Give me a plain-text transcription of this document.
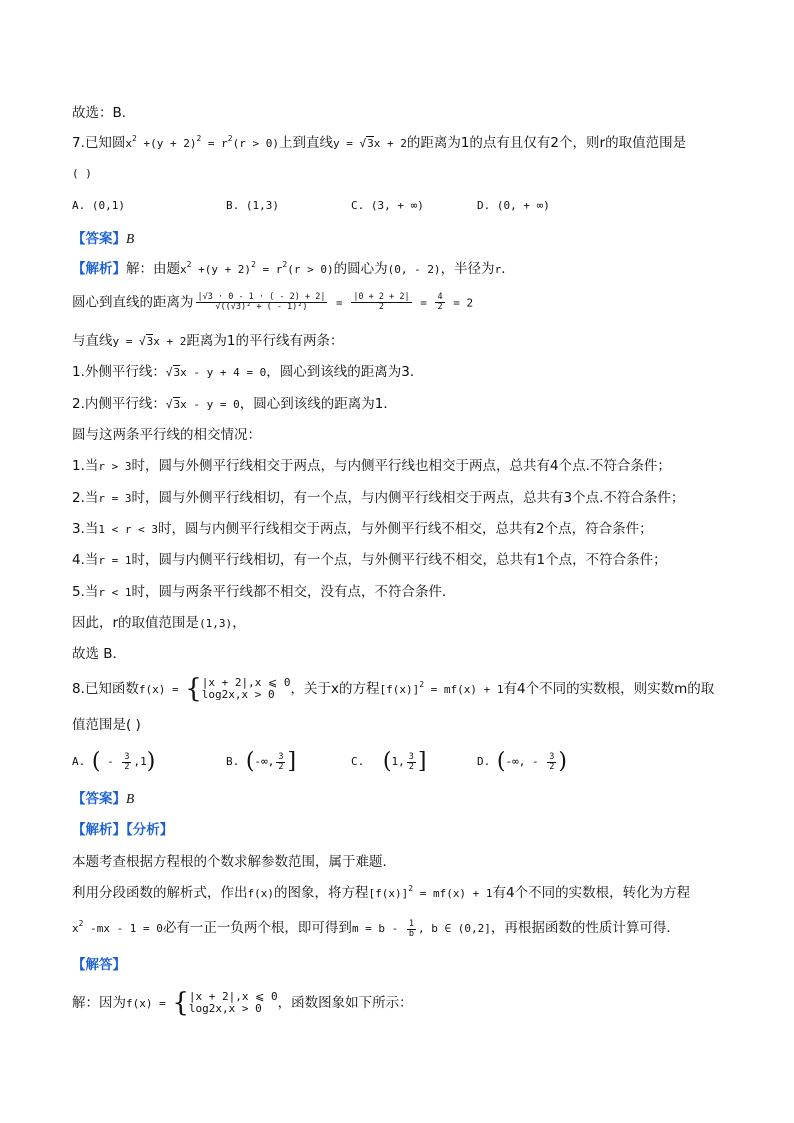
故选：B．
7.已知圆$x^2 +(y + 2)^2 = r^2(r > 0)$上到直线y = √3x + 2的距离为1的点有且仅有2个，则r的取值范围是
( )
A. (0,1)	B. (1,3)	C. (3, + ∞)	D. (0, + ∞)
【答案】B
【解析】解：由题$x^2 +(y + 2)^2 = r^2(r > 0)$的圆心为(0, - 2)，半径为r．
圆心到直线的距离为 $\frac{|√3 \cdot 0 - 1 \cdot ( - 2) + 2|}{\text{√((√3)² + ( - 1)²)}} = \frac{|0 + 2 + 2|}{2} = \frac{4}{2} = 2$
与直线y = √3x + 2距离为1的平行线有两条：
1.外侧平行线：√3x - y + 4 = 0，圆心到该线的距离为3．
2.内侧平行线：√3x - y = 0，圆心到该线的距离为1．
圆与这两条平行线的相交情况：
1.当r > 3时，圆与外侧平行线相交于两点，与内侧平行线也相交于两点，总共有4个点.不符合条件；
2.当r = 3时，圆与外侧平行线相切，有一个点，与内侧平行线相交于两点，总共有3个点.不符合条件；
3.当1 < r < 3时，圆与内侧平行线相交于两点，与外侧平行线不相交，总共有2个点，符合条件；
4.当r = 1时，圆与内侧平行线相切，有一个点，与外侧平行线不相交，总共有1个点，不符合条件；
5.当r < 1时，圆与两条平行线都不相交，没有点，不符合条件．
因此，r的取值范围是(1,3)，
故选 B．
8.已知函数f(x) = { |x + 2|,x ⩽ 0
log2x,x > 0	，关于x的方程$[f(x)]^2 = mf(x) + 1$有4个不同的实数根，则实数m的取
值范围是( )
A. ( - $\frac{3}{2} ,1$)	B. (-∞, $\frac{3}{2}$ ]	C. (1, $\frac{3}{2}$ ]	D. (-∞, - $\frac{3}{2}$ )
【答案】B
【解析】【分析】
本题考查根据方程根的个数求解参数范围，属于难题．
利用分段函数的解析式，作出f(x)的图象，将方程$[f(x)]^2 = mf(x) + 1$有4个不同的实数根，转化为方程
$x^2$ -mx - 1 = 0必有一正一负两个根，即可得到$m = b - \frac{1}{b}$ , b ∈ (0,2]，再根据函数的性质计算可得．
【解答】
解：因为f(x) = { |x + 2|,x ⩽ 0
log2x,x > 0	，函数图象如下所示：
